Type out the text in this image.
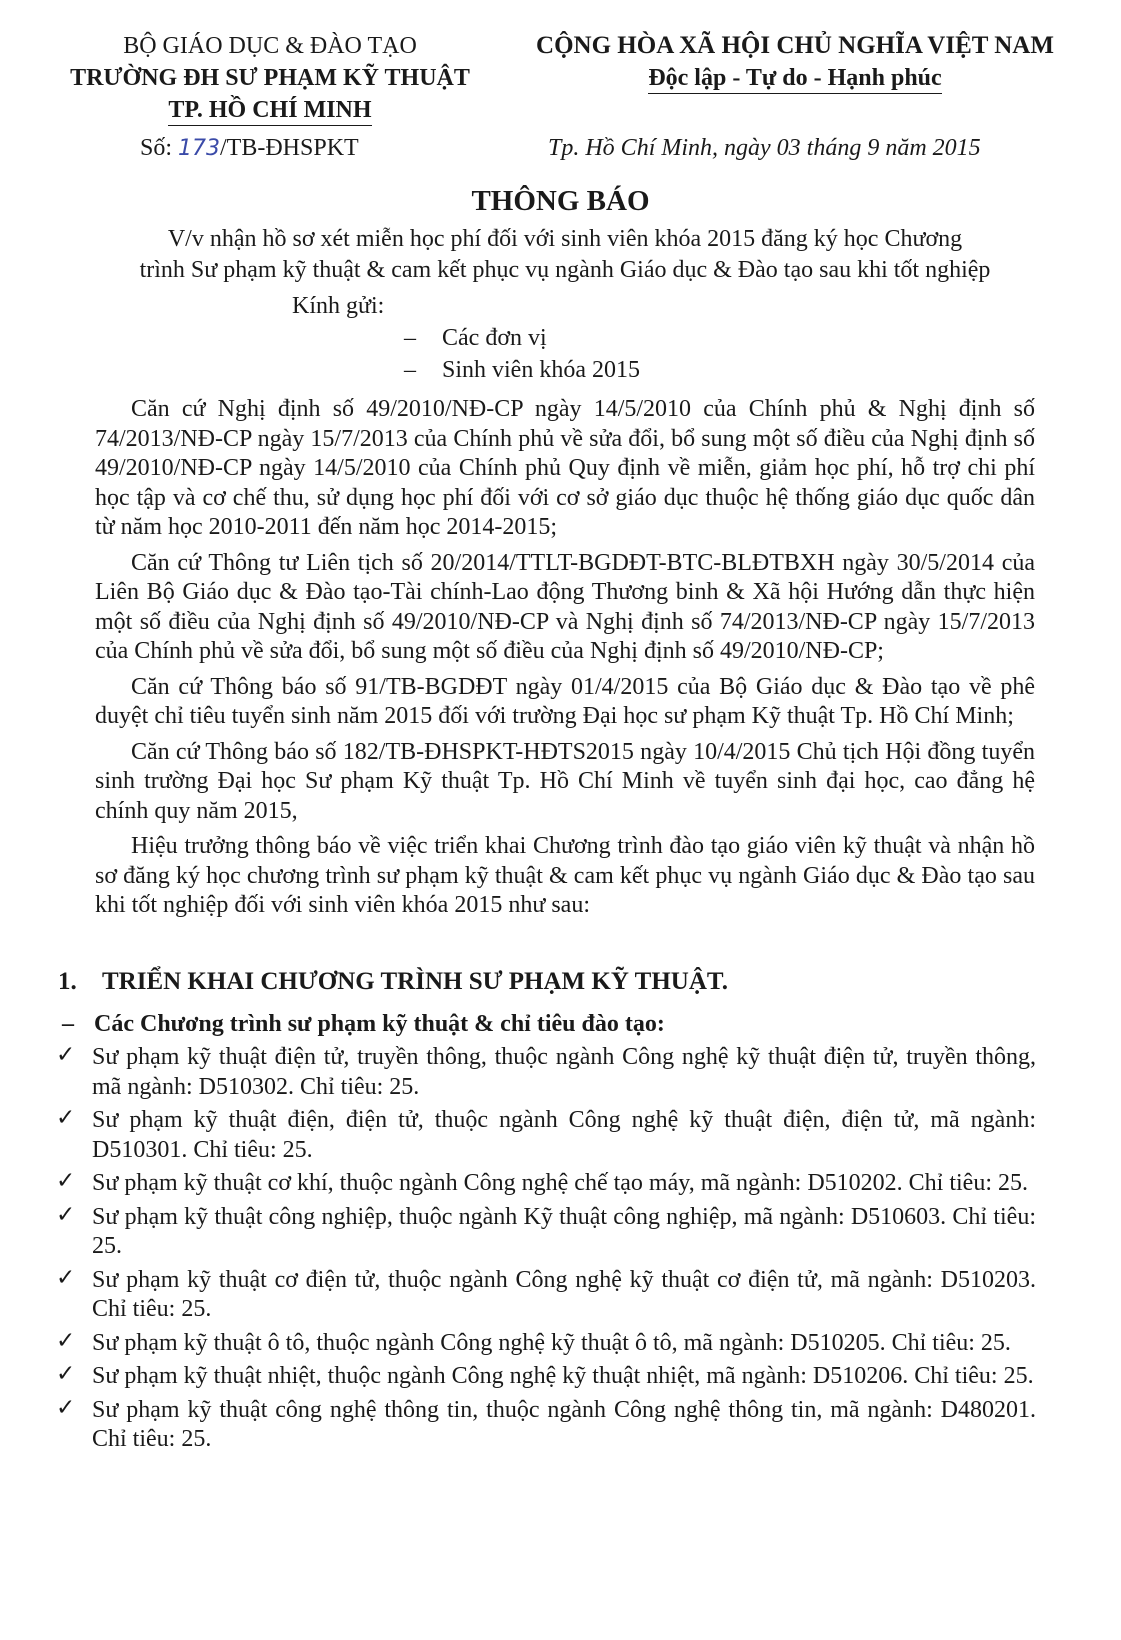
BỘ GIÁO DỤC & ĐÀO TẠO
TRƯỜNG ĐH SƯ PHẠM KỸ THUẬT
TP. HỒ CHÍ MINH
CỘNG HÒA XÃ HỘI CHỦ NGHĨA VIỆT NAM
Độc lập - Tự do - Hạnh phúc
Số: 173/TB-ĐHSPKT	Tp. Hồ Chí Minh, ngày 03 tháng 9 năm 2015
THÔNG BÁO
V/v nhận hồ sơ xét miễn học phí đối với sinh viên khóa 2015 đăng ký học Chương
trình Sư phạm kỹ thuật & cam kết phục vụ ngành Giáo dục & Đào tạo sau khi tốt nghiệp
Kính gửi:
– Các đơn vị
– Sinh viên khóa 2015

Căn cứ Nghị định số 49/2010/NĐ-CP ngày 14/5/2010 của Chính phủ & Nghị định số 74/2013/NĐ-CP ngày 15/7/2013 của Chính phủ về sửa đổi, bổ sung một số điều của Nghị định số 49/2010/NĐ-CP ngày 14/5/2010 của Chính phủ Quy định về miễn, giảm học phí, hỗ trợ chi phí học tập và cơ chế thu, sử dụng học phí đối với cơ sở giáo dục thuộc hệ thống giáo dục quốc dân từ năm học 2010-2011 đến năm học 2014-2015;

Căn cứ Thông tư Liên tịch số 20/2014/TTLT-BGDĐT-BTC-BLĐTBXH ngày 30/5/2014 của Liên Bộ Giáo dục & Đào tạo-Tài chính-Lao động Thương binh & Xã hội Hướng dẫn thực hiện một số điều của Nghị định số 49/2010/NĐ-CP và Nghị định số 74/2013/NĐ-CP ngày 15/7/2013 của Chính phủ về sửa đổi, bổ sung một số điều của Nghị định số 49/2010/NĐ-CP;

Căn cứ Thông báo số 91/TB-BGDĐT ngày 01/4/2015 của Bộ Giáo dục & Đào tạo về phê duyệt chỉ tiêu tuyển sinh năm 2015 đối với trường Đại học sư phạm Kỹ thuật Tp. Hồ Chí Minh;

Căn cứ Thông báo số 182/TB-ĐHSPKT-HĐTS2015 ngày 10/4/2015 Chủ tịch Hội đồng tuyển sinh trường Đại học Sư phạm Kỹ thuật Tp. Hồ Chí Minh về tuyển sinh đại học, cao đẳng hệ chính quy năm 2015,

Hiệu trưởng thông báo về việc triển khai Chương trình đào tạo giáo viên kỹ thuật và nhận hồ sơ đăng ký học chương trình sư phạm kỹ thuật & cam kết phục vụ ngành Giáo dục & Đào tạo sau khi tốt nghiệp đối với sinh viên khóa 2015 như sau:

1. TRIỂN KHAI CHƯƠNG TRÌNH SƯ PHẠM KỸ THUẬT.
– Các Chương trình sư phạm kỹ thuật & chỉ tiêu đào tạo:
✓ Sư phạm kỹ thuật điện tử, truyền thông, thuộc ngành Công nghệ kỹ thuật điện tử, truyền thông, mã ngành: D510302. Chỉ tiêu: 25.
✓ Sư phạm kỹ thuật điện, điện tử, thuộc ngành Công nghệ kỹ thuật điện, điện tử, mã ngành: D510301. Chỉ tiêu: 25.
✓ Sư phạm kỹ thuật cơ khí, thuộc ngành Công nghệ chế tạo máy, mã ngành: D510202. Chỉ tiêu: 25.
✓ Sư phạm kỹ thuật công nghiệp, thuộc ngành Kỹ thuật công nghiệp, mã ngành: D510603. Chỉ tiêu: 25.
✓ Sư phạm kỹ thuật cơ điện tử, thuộc ngành Công nghệ kỹ thuật cơ điện tử, mã ngành: D510203. Chỉ tiêu: 25.
✓ Sư phạm kỹ thuật ô tô, thuộc ngành Công nghệ kỹ thuật ô tô, mã ngành: D510205. Chỉ tiêu: 25.
✓ Sư phạm kỹ thuật nhiệt, thuộc ngành Công nghệ kỹ thuật nhiệt, mã ngành: D510206. Chỉ tiêu: 25.
✓ Sư phạm kỹ thuật công nghệ thông tin, thuộc ngành Công nghệ thông tin, mã ngành: D480201. Chỉ tiêu: 25.
